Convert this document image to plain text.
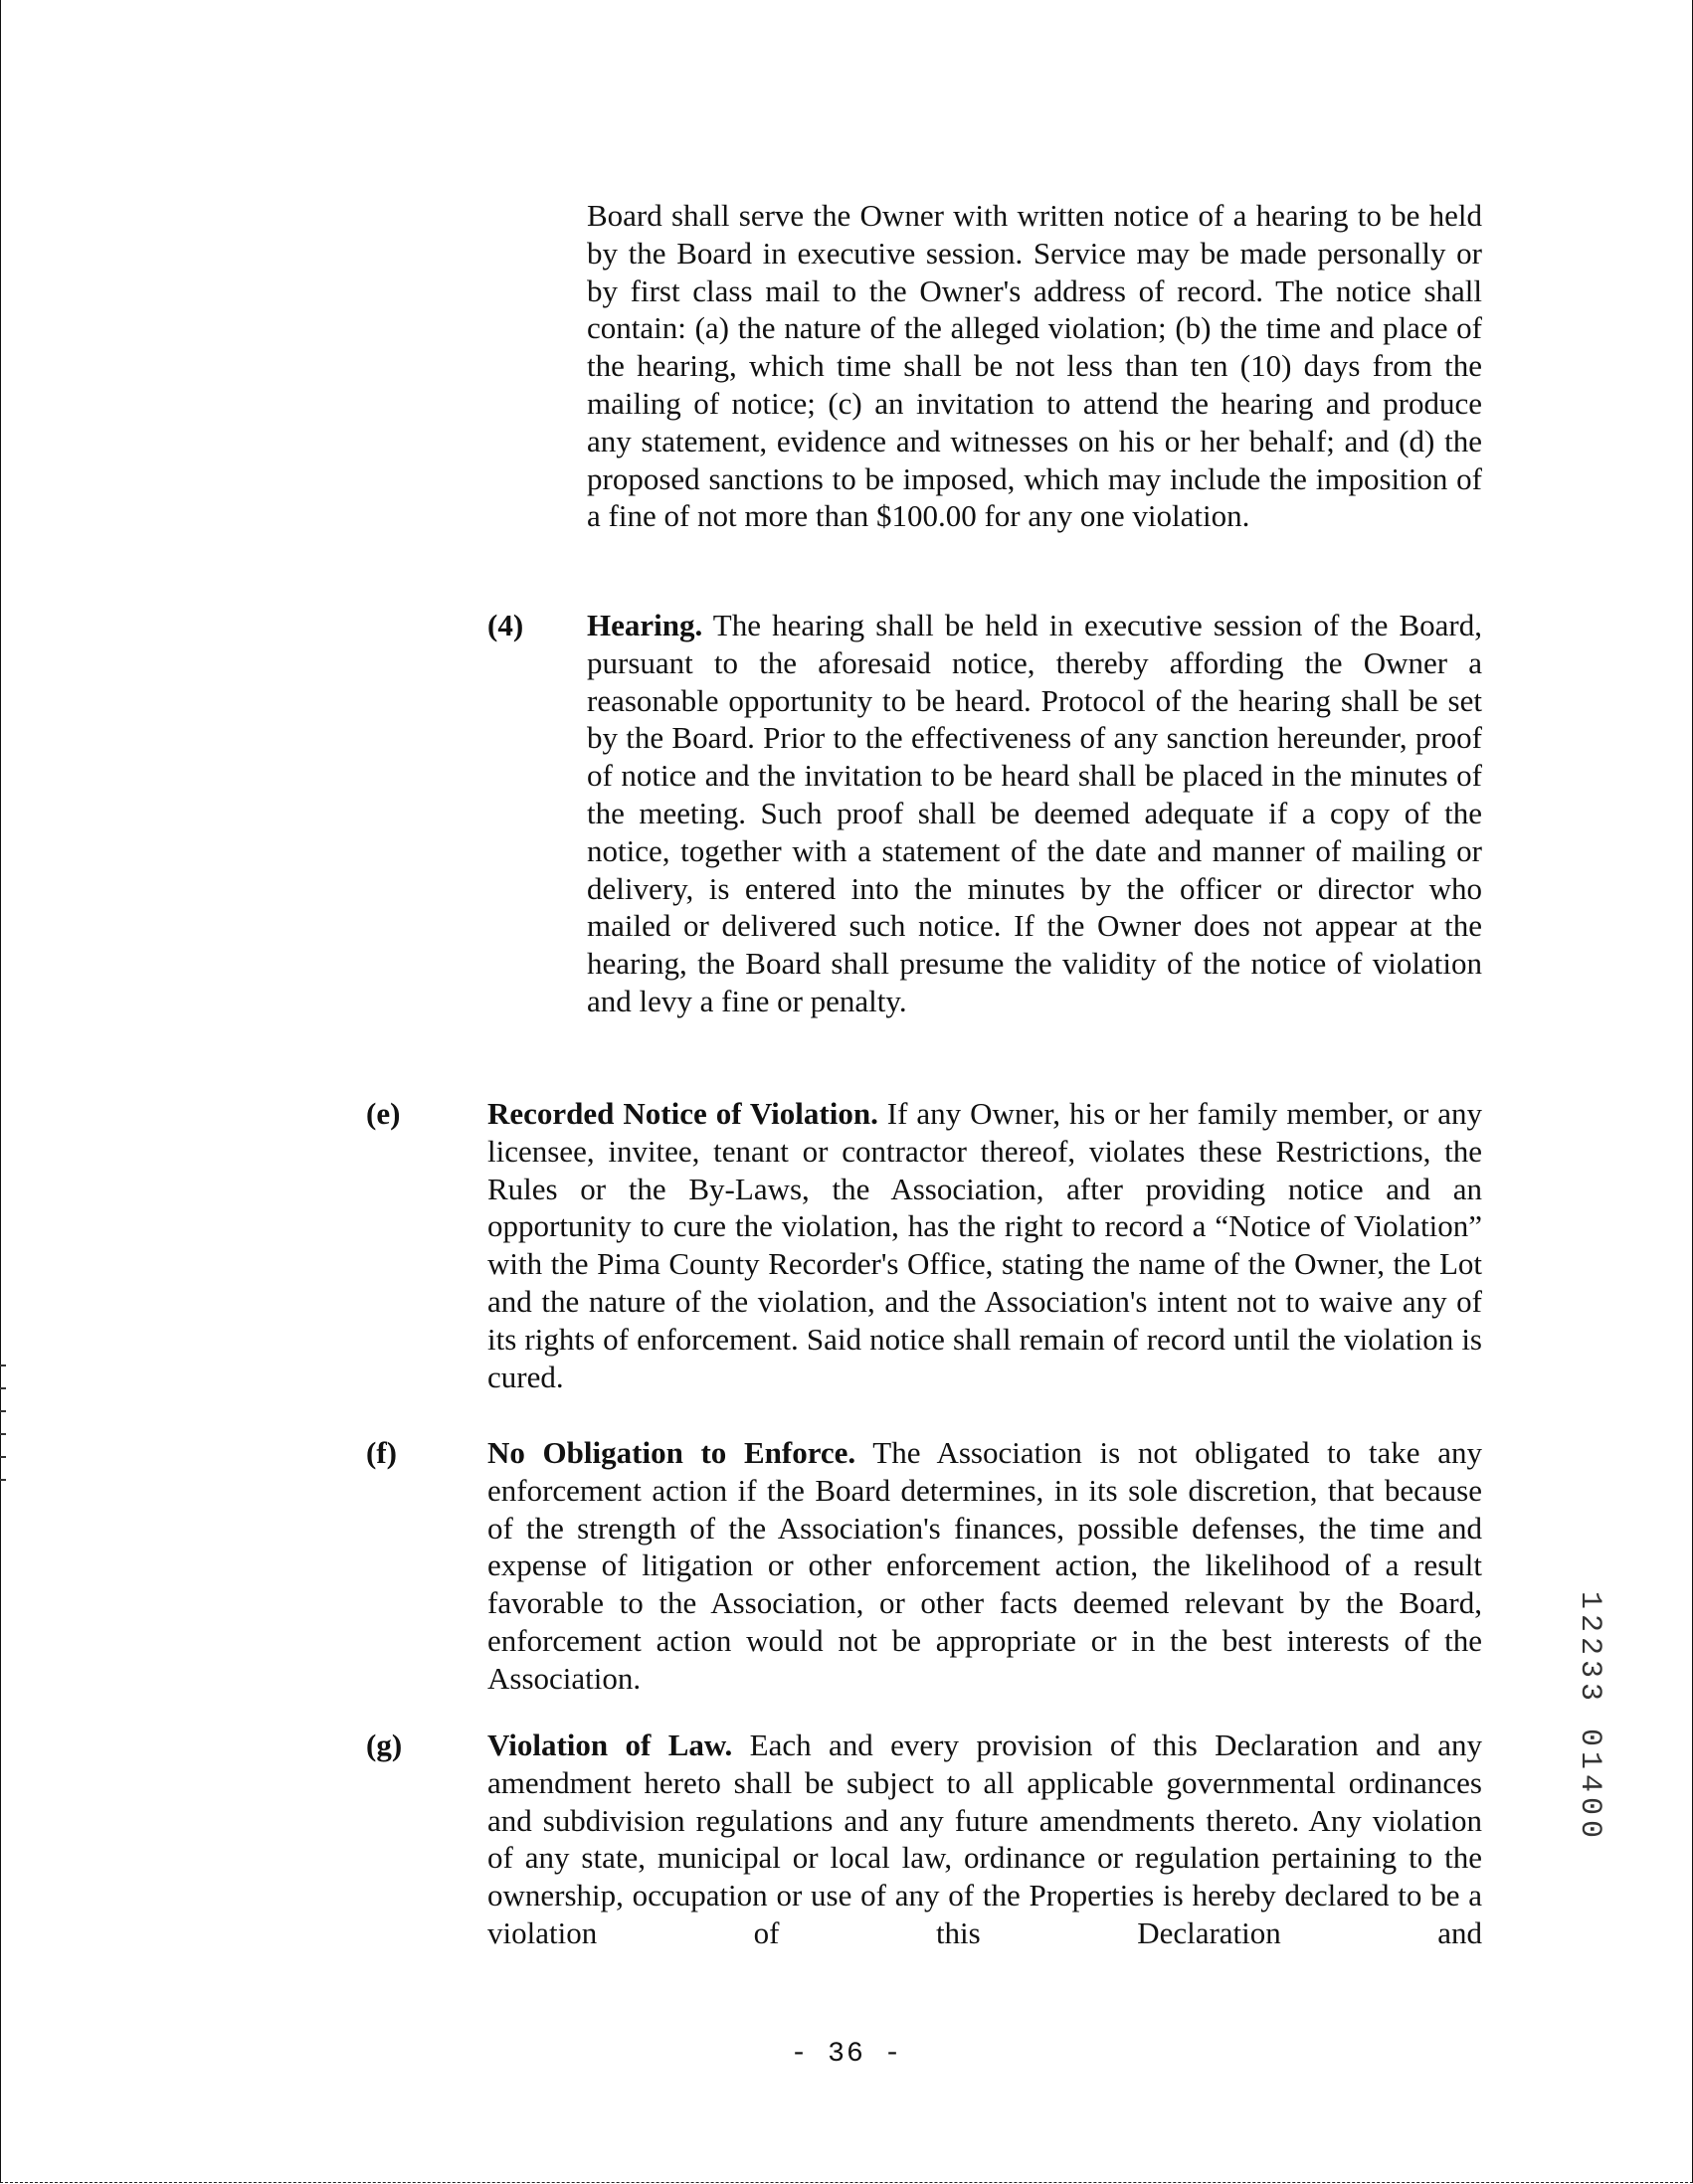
Board shall serve the Owner with written notice of a hearing to be held by the Board in executive session. Service may be made personally or by first class mail to the Owner's address of record. The notice shall contain: (a) the nature of the alleged violation; (b) the time and place of the hearing, which time shall be not less than ten (10) days from the mailing of notice; (c) an invitation to attend the hearing and produce any statement, evidence and witnesses on his or her behalf; and (d) the proposed sanctions to be imposed, which may include the imposition of a fine of not more than $100.00 for any one violation.

(4) Hearing. The hearing shall be held in executive session of the Board, pursuant to the aforesaid notice, thereby affording the Owner a reasonable opportunity to be heard. Protocol of the hearing shall be set by the Board. Prior to the effectiveness of any sanction hereunder, proof of notice and the invitation to be heard shall be placed in the minutes of the meeting. Such proof shall be deemed adequate if a copy of the notice, together with a statement of the date and manner of mailing or delivery, is entered into the minutes by the officer or director who mailed or delivered such notice. If the Owner does not appear at the hearing, the Board shall presume the validity of the notice of violation and levy a fine or penalty.

(e)	Recorded Notice of Violation. If any Owner, his or her family member, or any licensee, invitee, tenant or contractor thereof, violates these Restrictions, the Rules or the By-Laws, the Association, after providing notice and an opportunity to cure the violation, has the right to record a “Notice of Violation” with the Pima County Recorder's Office, stating the name of the Owner, the Lot and the nature of the violation, and the Association's intent not to waive any of its rights of enforcement. Said notice shall remain of record until the violation is cured.

(f)	No Obligation to Enforce. The Association is not obligated to take any enforcement action if the Board determines, in its sole discretion, that because of the strength of the Association's finances, possible defenses, the time and expense of litigation or other enforcement action, the likelihood of a result favorable to the Association, or other facts deemed relevant by the Board, enforcement action would not be appropriate or in the best interests of the Association.

(g)	Violation of Law. Each and every provision of this Declaration and any amendment hereto shall be subject to all applicable governmental ordinances and subdivision regulations and any future amendments thereto. Any violation of any state, municipal or local law, ordinance or regulation pertaining to the ownership, occupation or use of any of the Properties is hereby declared to be a violation of this Declaration and

12233 01400
- 36 -
